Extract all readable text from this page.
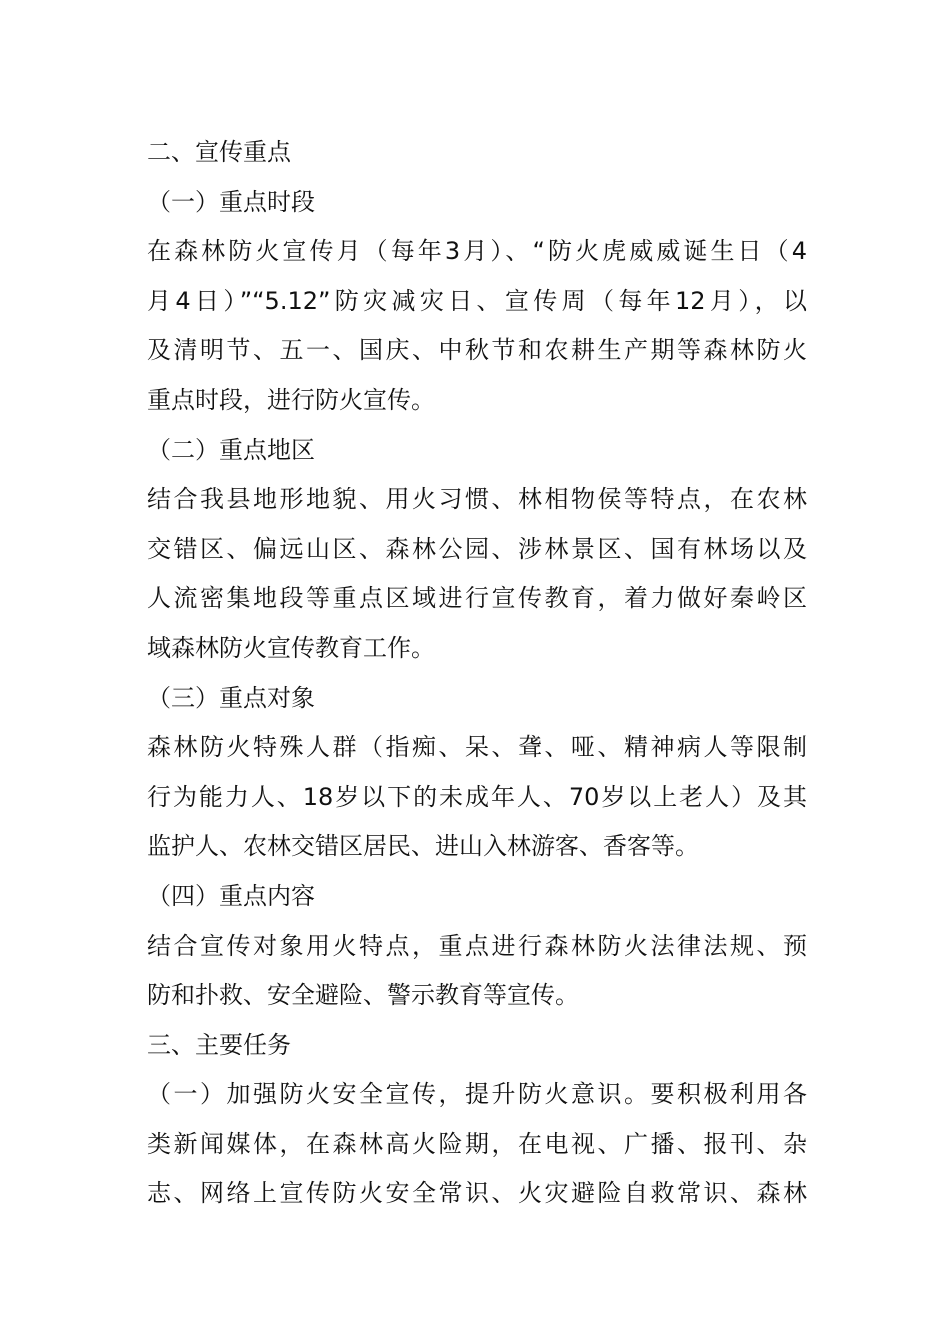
二、宣传重点
（一）重点时段
在森林防火宣传月（每年3月）、“防火虎威威诞生日（4
月4日）”“5.12”防灾减灾日、宣传周（每年12月），以
及清明节、五一、国庆、中秋节和农耕生产期等森林防火
重点时段，进行防火宣传。
（二）重点地区
结合我县地形地貌、用火习惯、林相物侯等特点，在农林
交错区、偏远山区、森林公园、涉林景区、国有林场以及
人流密集地段等重点区域进行宣传教育，着力做好秦岭区
域森林防火宣传教育工作。
（三）重点对象
森林防火特殊人群（指痴、呆、聋、哑、精神病人等限制
行为能力人、18岁以下的未成年人、70岁以上老人）及其
监护人、农林交错区居民、进山入林游客、香客等。
（四）重点内容
结合宣传对象用火特点，重点进行森林防火法律法规、预
防和扑救、安全避险、警示教育等宣传。
三、主要任务
（一）加强防火安全宣传，提升防火意识。要积极利用各
类新闻媒体，在森林高火险期，在电视、广播、报刊、杂
志、网络上宣传防火安全常识、火灾避险自救常识、森林
